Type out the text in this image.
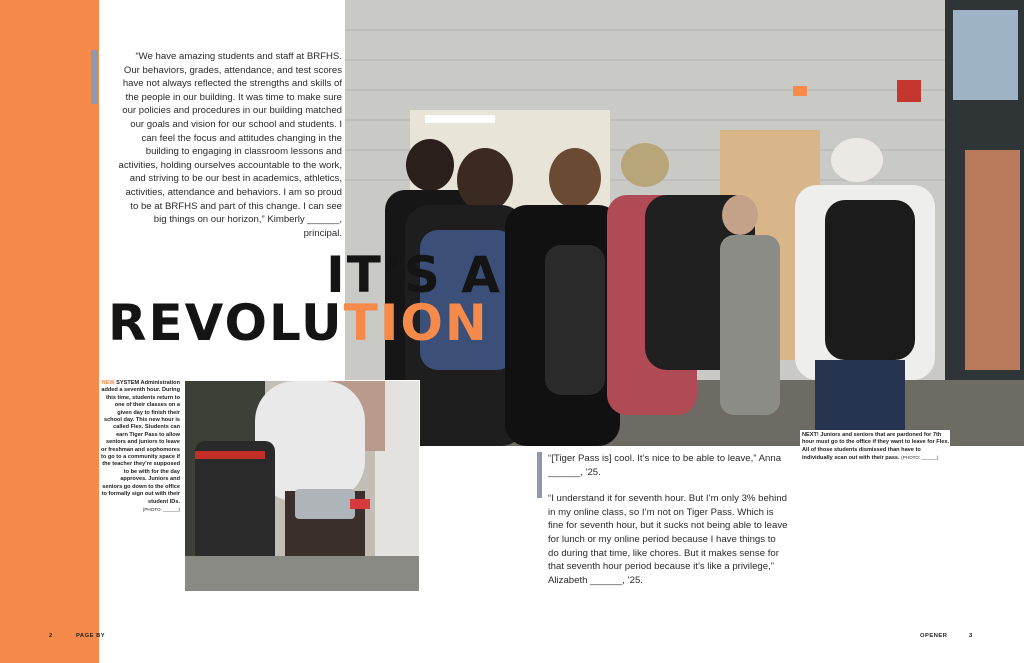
“We have amazing students and staff at BRFHS. Our behaviors, grades, attendance, and test scores have not always reflected the strengths and skills of the people in our building. It was time to make sure our policies and procedures in our building matched our goals and vision for our school and students. I can feel the focus and attitudes changing in the building to engaging in classroom lessons and activities, holding ourselves accountable to the work, and striving to be our best in academics, athletics, activities, attendance and behaviors. I am so proud to be at BRFHS and part of this change. I can see big things on our horizon,” Kimberly ______, principal.
IT’S A
REVOLUTION
NEW SYSTEM Administration added a seventh hour. During this time, students return to one of their classes on a given day to finish their school day. This new hour is called Flex. Students can earn Tiger Pass to allow seniors and juniors to leave or freshman and sophomores to go to a community space if the teacher they’re supposed to be with for the day approves. Juniors and seniors go down to the office to formally sign out with their student IDs.
(PHOTO: ______)
NEXT! Juniors and seniors that are pardoned for 7th hour must go to the office if they want to leave for Flex. All of those students dismissed than have to individually scan out with their pass. (PHOTO: ______)

“[Tiger Pass is] cool. It’s nice to be able to leave,” Anna ______, ’25.

“I understand it for seventh hour. But I’m only 3% behind in my online class, so I’m not on Tiger Pass. Which is fine for seventh hour, but it sucks not being able to leave for lunch or my online period because I have things to do during that time, like chores. But it makes sense for that seventh hour period because it’s like a privilege,” Alizabeth ______, ’25.

2	PAGE BY	OPENER	3
